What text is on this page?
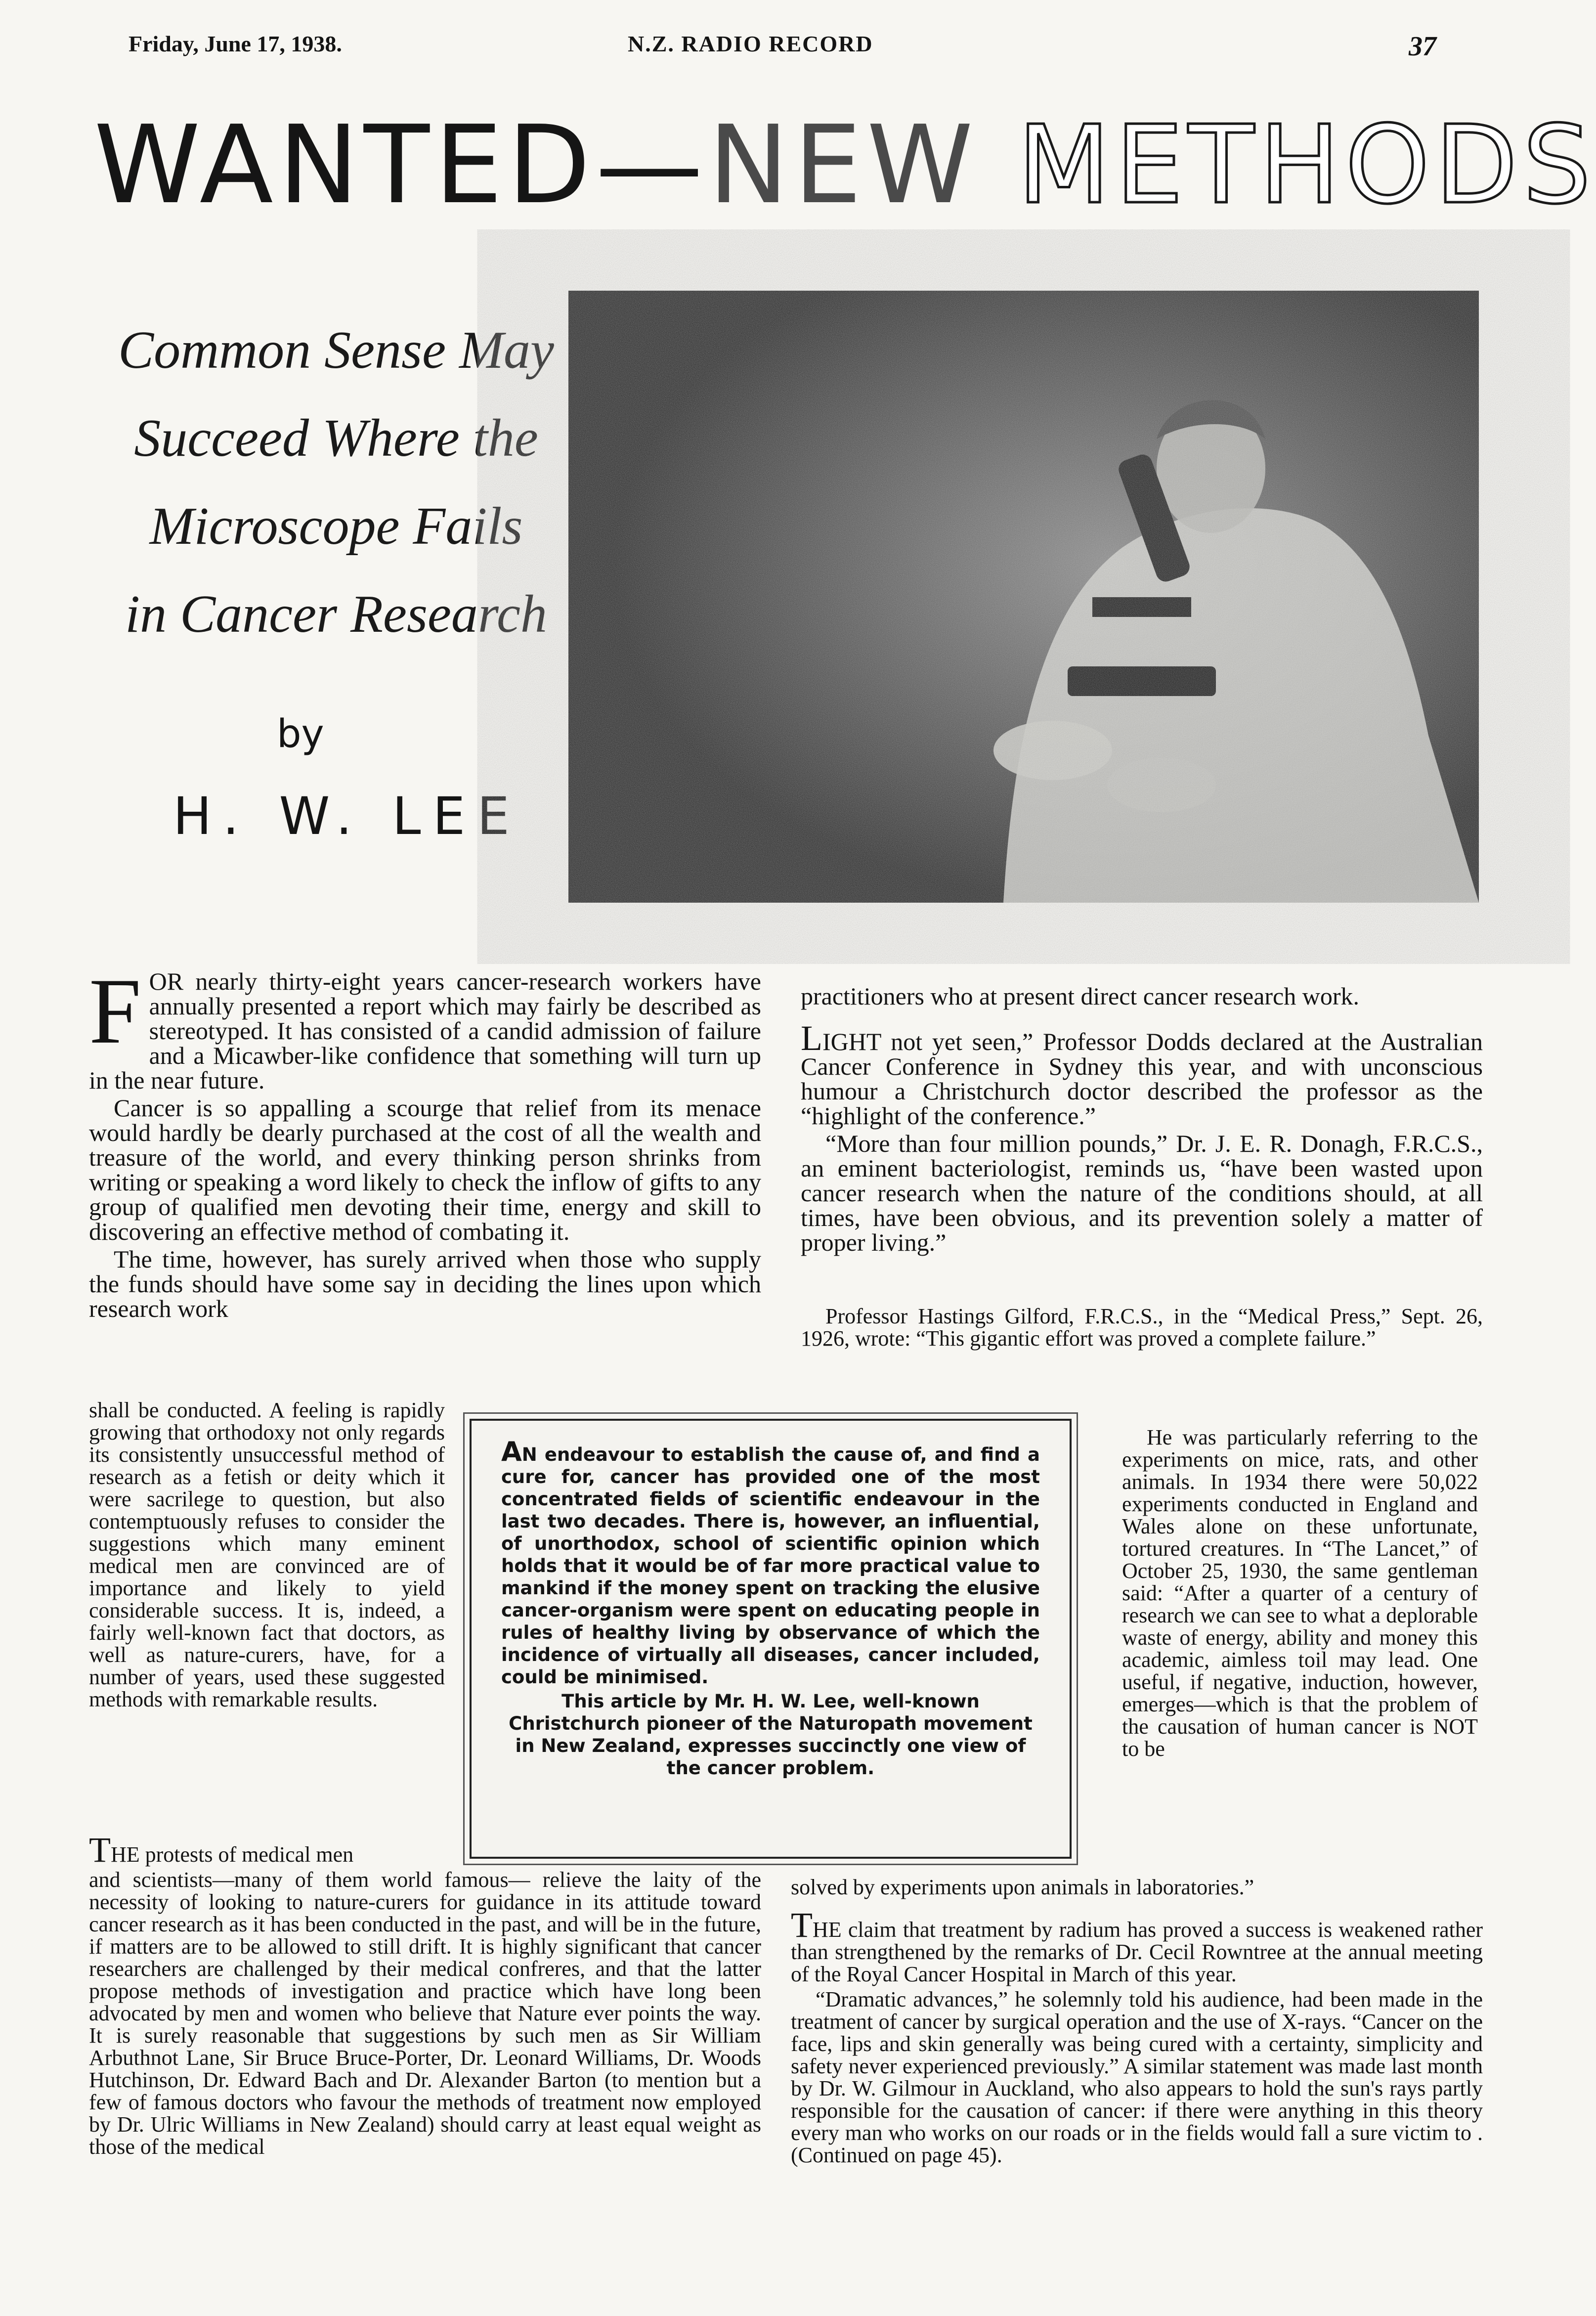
Friday, June 17, 1938.	N.Z. RADIO RECORD	37
WANTED—NEW METHODS
Common Sense May
Succeed Where the
Microscope Fails
in Cancer Research
by
H. W. LEE
F OR nearly thirty-eight years cancer-research workers have annually presented a report which may fairly be described as stereotyped. It has consisted of a candid admission of failure and a Micawber-like confidence that something will turn up in the near future.

Cancer is so appalling a scourge that relief from its menace would hardly be dearly purchased at the cost of all the wealth and treasure of the world, and every thinking person shrinks from writing or speaking a word likely to check the inflow of gifts to any group of qualified men devoting their time, energy and skill to discovering an effective method of combating it.

The time, however, has surely arrived when those who supply the funds should have some say in deciding the lines upon which research work

shall be conducted. A feeling is rapidly growing that orthodoxy not only regards its consistently unsuccessful method of research as a fetish or deity which it were sacrilege to question, but also contemptuously refuses to consider the suggestions which many eminent medical men are convinced are of importance and likely to yield considerable success. It is, indeed, a fairly well-known fact that doctors, as well as nature-curers, have, for a number of years, used these suggested methods with remarkable results.

THE protests of medical men

and scientists—many of them world famous— relieve the laity of the necessity of looking to nature-curers for guidance in its attitude toward cancer research as it has been conducted in the past, and will be in the future, if matters are to be allowed to still drift. It is highly significant that cancer researchers are challenged by their medical confreres, and that the latter propose methods of investigation and practice which have long been advocated by men and women who believe that Nature ever points the way. It is surely reasonable that suggestions by such men as Sir William Arbuthnot Lane, Sir Bruce Bruce-Porter, Dr. Leonard Williams, Dr. Woods Hutchinson, Dr. Edward Bach and Dr. Alexander Barton (to mention but a few of famous doctors who favour the methods of treatment now employed by Dr. Ulric Williams in New Zealand) should carry at least equal weight as those of the medical

practitioners who at present direct cancer research work.

LIGHT not yet seen,” Professor Dodds declared at the Australian Cancer Conference in Sydney this year, and with unconscious humour a Christchurch doctor described the professor as the “highlight of the conference.”

“More than four million pounds,” Dr. J. E. R. Donagh, F.R.C.S., an eminent bacteriologist, reminds us, “have been wasted upon cancer research when the nature of the conditions should, at all times, have been obvious, and its prevention solely a matter of proper living.”

Professor Hastings Gilford, F.R.C.S., in the “Medical Press,” Sept. 26, 1926, wrote: “This gigantic effort was proved a complete failure.”

He was particularly referring to the experiments on mice, rats, and other animals. In 1934 there were 50,022 experiments conducted in England and Wales alone on these unfortunate, tortured creatures. In “The Lancet,” of October 25, 1930, the same gentleman said: “After a quarter of a century of research we can see to what a deplorable waste of energy, ability and money this academic, aimless toil may lead. One useful, if negative, induction, however, emerges—which is that the problem of the causation of human cancer is NOT to be

solved by experiments upon animals in laboratories.”

THE claim that treatment by radium has proved a success is weakened rather than strengthened by the remarks of Dr. Cecil Rowntree at the annual meeting of the Royal Cancer Hospital in March of this year.

“Dramatic advances,” he solemnly told his audience, had been made in the treatment of cancer by surgical operation and the use of X-rays. “Cancer on the face, lips and skin generally was being cured with a certainty, simplicity and safety never experienced previously.” A similar statement was made last month by Dr. W. Gilmour in Auckland, who also appears to hold the sun's rays partly responsible for the causation of cancer: if there were anything in this theory every man who works on our roads or in the fields would fall a sure victim to . (Continued on page 45).

AN endeavour to establish the cause of, and find a cure for, cancer has provided one of the most concentrated fields of scientific endeavour in the last two decades. There is, however, an influential, of unorthodox, school of scientific opinion which holds that it would be of far more practical value to mankind if the money spent on tracking the elusive cancer-organism were spent on educating people in rules of healthy living by observance of which the incidence of virtually all diseases, cancer included, could be minimised.

This article by Mr. H. W. Lee, well-known Christchurch pioneer of the Naturopath movement in New Zealand, expresses succinctly one view of the cancer problem.
